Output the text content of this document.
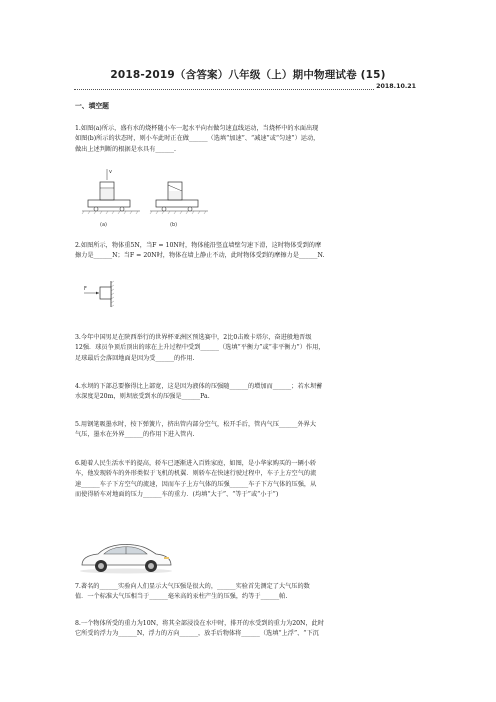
2018-2019（含答案）八年级（上）期中物理试卷 (15)
2018.10.21
一、填空题

1.如图(a)所示，盛有水的烧杯随小车一起水平向右做匀速直线运动，当烧杯中的水面出现

如图(b)所示的状态时，则小车此时正在做______（选填“加速”、“减速”或“匀速”）运动，

做出上述判断的根据是水具有______.

v
(a)	(b)

2.如图所示，物体重5N，当F = 10N时，物体能沿竖直墙壁匀速下滑，这时物体受到的摩

擦力是______N；当F = 20N时，物体在墙上静止不动，此时物体受到的摩擦力是______N.

F

3.今年中国男足在陕西举行的世界杯亚洲区预选赛中，2比0击败卡塔尔，奋进般地晋级

12强．球员争顶后顶出的球在上升过程中受到______（选填“平衡力”或“非平衡力”）作用，

足球最后会落回地面是因为受______的作用.

4.水坝的下部总要修得比上部宽，这是因为液体的压强随______的增加而______；若水坝蓄

水深度是20m，则坝底受到水的压强是______Pa.

5.用钢笔吸墨水时，按下弹簧片，挤出管内部分空气，松开手后，管内气压______外界大

气压，墨水在外界______的作用下进入管内.

6.随着人民生活水平的提高，轿车已逐渐进入百姓家庭，如图，是小华家购买的一辆小轿

车，他发现轿车的外形类似于飞机的机翼．则轿车在快速行驶过程中，车子上方空气的流

速______车子下方空气的流速，因而车子上方气体的压强______车子下方气体的压强，从

而使得轿车对地面的压力______车的重力．(均填“大于”、“等于”或“小于”)

7.著名的______实验向人们显示大气压强是很大的，______实验首先测定了大气压的数

值．一个标准大气压相当于______毫米高的汞柱产生的压强，约等于______帕.

8.一个物体所受的重力为10N，将其全部浸没在水中时，排开的水受到的重力为20N，此时

它所受的浮力为______N，浮力的方向______，放手后物体将______（选填“上浮”、“下沉
